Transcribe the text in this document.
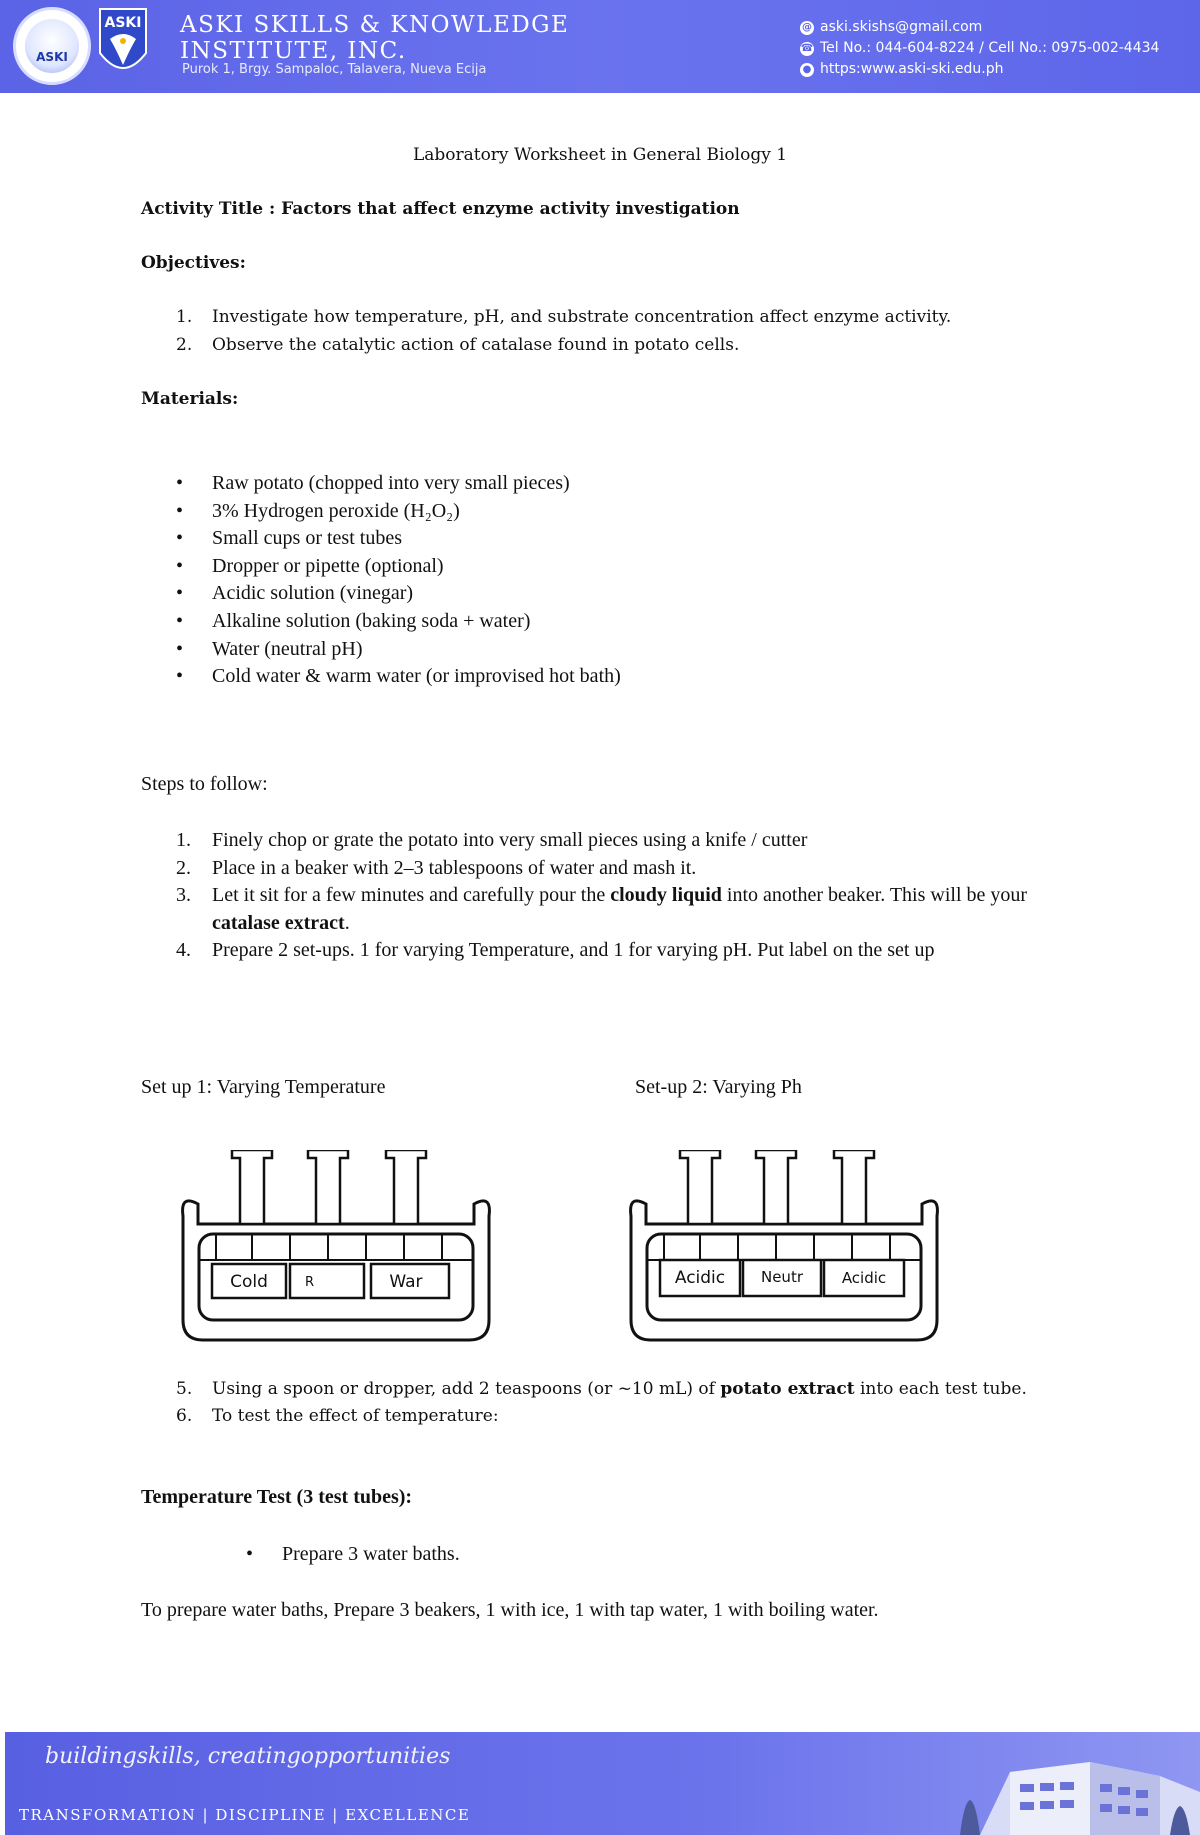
ASKI
ASKI ASKI SKILLS & KNOWLEDGE
INSTITUTE, INC.
Purok 1, Brgy. Sampaloc, Talavera, Nueva Ecija
@ aski.skishs@gmail.com
☎ Tel No.: 044-604-8224 / Cell No.: 0975-002-4434
● https:www.aski-ski.edu.ph
Laboratory Worksheet in General Biology 1
Activity Title : Factors that affect enzyme activity investigation
Objectives:
1. Investigate how temperature, pH, and substrate concentration affect enzyme activity.
2. Observe the catalytic action of catalase found in potato cells.
Materials:
• Raw potato (chopped into very small pieces)
• 3% Hydrogen peroxide (H₂O₂)
• Small cups or test tubes
• Dropper or pipette (optional)
• Acidic solution (vinegar)
• Alkaline solution (baking soda + water)
• Water (neutral pH)
• Cold water & warm water (or improvised hot bath)
Steps to follow:
1. Finely chop or grate the potato into very small pieces using a knife / cutter
2. Place in a beaker with 2–3 tablespoons of water and mash it.
3. Let it sit for a few minutes and carefully pour the cloudy liquid into another beaker. This will be your catalase extract.
4. Prepare 2 set-ups. 1 for varying Temperature, and 1 for varying pH. Put label on the set up
Set up 1: Varying Temperature	Set-up 2: Varying Ph
Cold	R	War	Acidic Neutr	Acidic
5. Using a spoon or dropper, add 2 teaspoons (or ~10 mL) of potato extract into each test tube.
6. To test the effect of temperature:
Temperature Test (3 test tubes):
• Prepare 3 water baths.
To prepare water baths, Prepare 3 beakers, 1 with ice, 1 with tap water, 1 with boiling water.
buildingskills, creatingopportunities
TRANSFORMATION | DISCIPLINE | EXCELLENCE
